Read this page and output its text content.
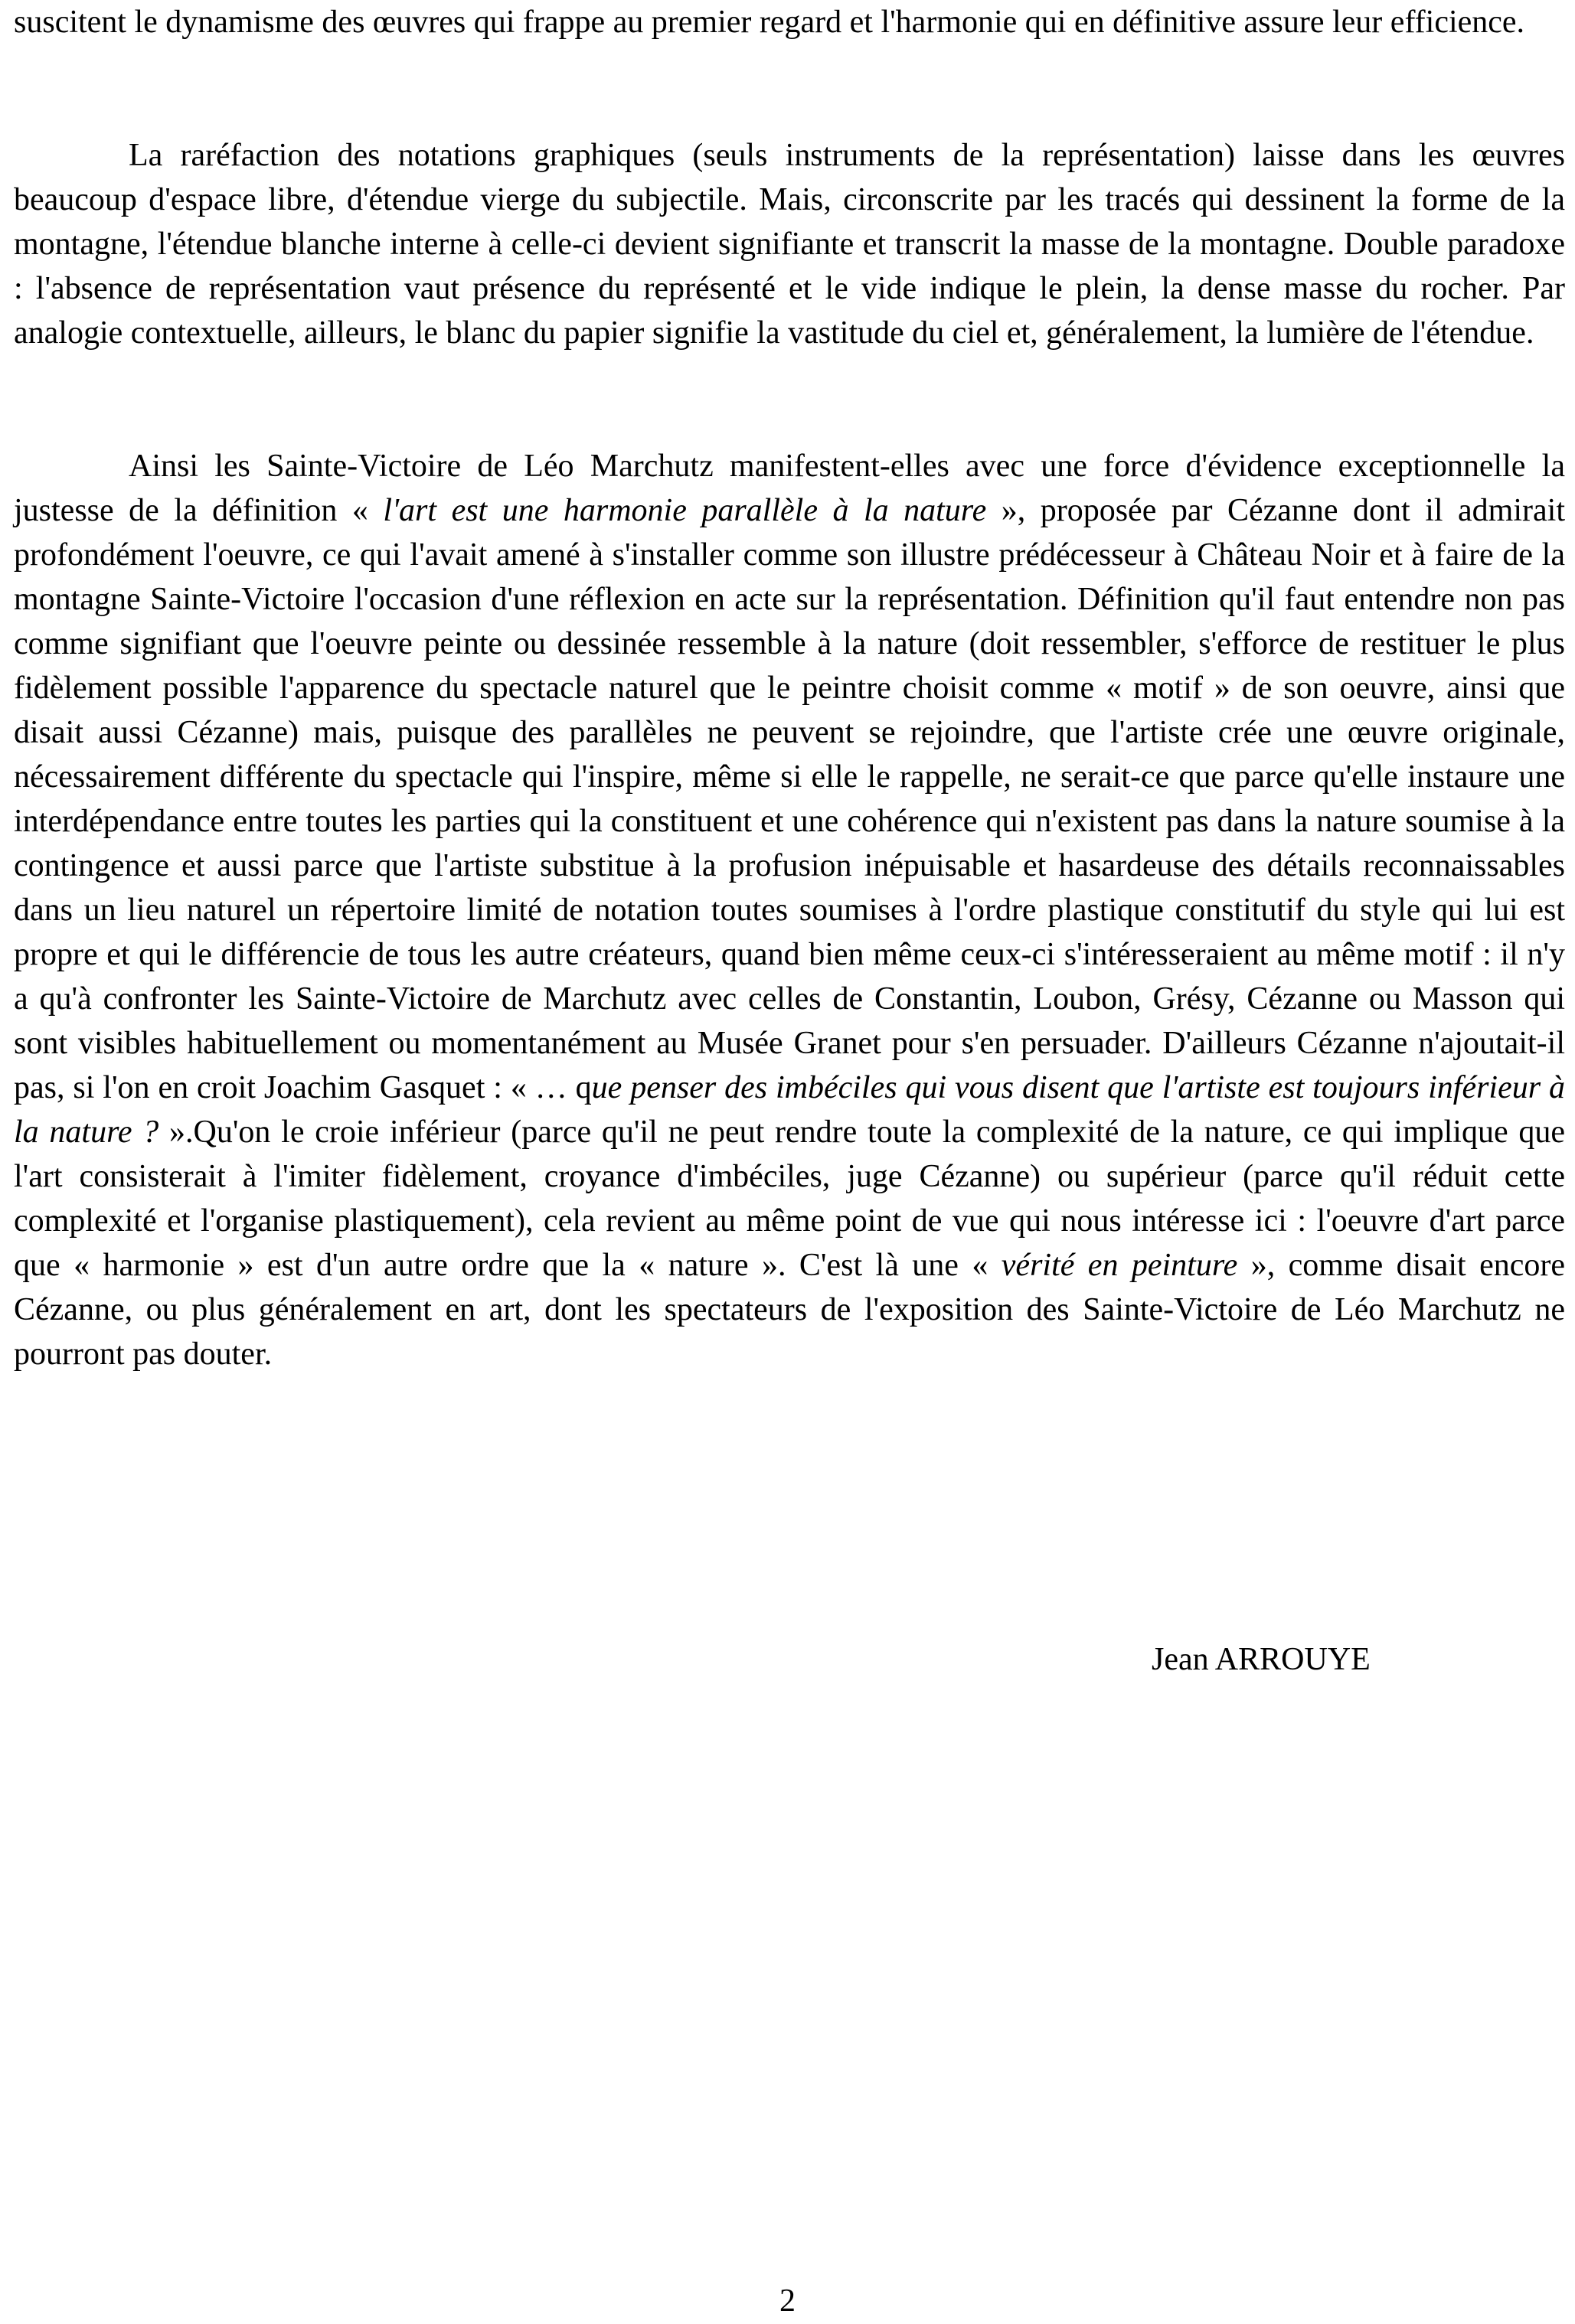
suscitent le dynamisme des œuvres qui frappe au premier regard et l'harmonie qui en définitive assure leur efficience.

La raréfaction des notations graphiques (seuls instruments de la représentation) laisse dans les œuvres beaucoup d'espace libre, d'étendue vierge du subjectile. Mais, circonscrite par les tracés qui dessinent la forme de la montagne, l'étendue blanche interne à celle-ci devient signifiante et transcrit la masse de la montagne. Double paradoxe : l'absence de représentation vaut présence du représenté et le vide indique le plein, la dense masse du rocher. Par analogie contextuelle, ailleurs, le blanc du papier signifie la vastitude du ciel et, généralement, la lumière de l'étendue.

Ainsi les Sainte-Victoire de Léo Marchutz manifestent-elles avec une force d'évidence exceptionnelle la justesse de la définition « l'art est une harmonie parallèle à la nature », proposée par Cézanne dont il admirait profondément l'oeuvre, ce qui l'avait amené à s'installer comme son illustre prédécesseur à Château Noir et à faire de la montagne Sainte-Victoire l'occasion d'une réflexion en acte sur la représentation. Définition qu'il faut entendre non pas comme signifiant que l'oeuvre peinte ou dessinée ressemble à la nature (doit ressembler, s'efforce de restituer le plus fidèlement possible l'apparence du spectacle naturel que le peintre choisit comme « motif » de son oeuvre, ainsi que disait aussi Cézanne) mais, puisque des parallèles ne peuvent se rejoindre, que l'artiste crée une œuvre originale, nécessairement différente du spectacle qui l'inspire, même si elle le rappelle, ne serait-ce que parce qu'elle instaure une interdépendance entre toutes les parties qui la constituent et une cohérence qui n'existent pas dans la nature soumise à la contingence et aussi parce que l'artiste substitue à la profusion inépuisable et hasardeuse des détails reconnaissables dans un lieu naturel un répertoire limité de notation toutes soumises à l'ordre plastique constitutif du style qui lui est propre et qui le différencie de tous les autre créateurs, quand bien même ceux-ci s'intéresseraient au même motif : il n'y a qu'à confronter les Sainte-Victoire de Marchutz avec celles de Constantin, Loubon, Grésy, Cézanne ou Masson qui sont visibles habituellement ou momentanément au Musée Granet pour s'en persuader. D'ailleurs Cézanne n'ajoutait-il pas, si l'on en croit Joachim Gasquet : « … que penser des imbéciles qui vous disent que l'artiste est toujours inférieur à la nature ? ».Qu'on le croie inférieur (parce qu'il ne peut rendre toute la complexité de la nature, ce qui implique que l'art consisterait à l'imiter fidèlement, croyance d'imbéciles, juge Cézanne) ou supérieur (parce qu'il réduit cette complexité et l'organise plastiquement), cela revient au même point de vue qui nous intéresse ici : l'oeuvre d'art parce que « harmonie » est d'un autre ordre que la « nature ». C'est là une « vérité en peinture », comme disait encore Cézanne, ou plus généralement en art, dont les spectateurs de l'exposition des Sainte-Victoire de Léo Marchutz ne pourront pas douter.

Jean ARROUYE
2
